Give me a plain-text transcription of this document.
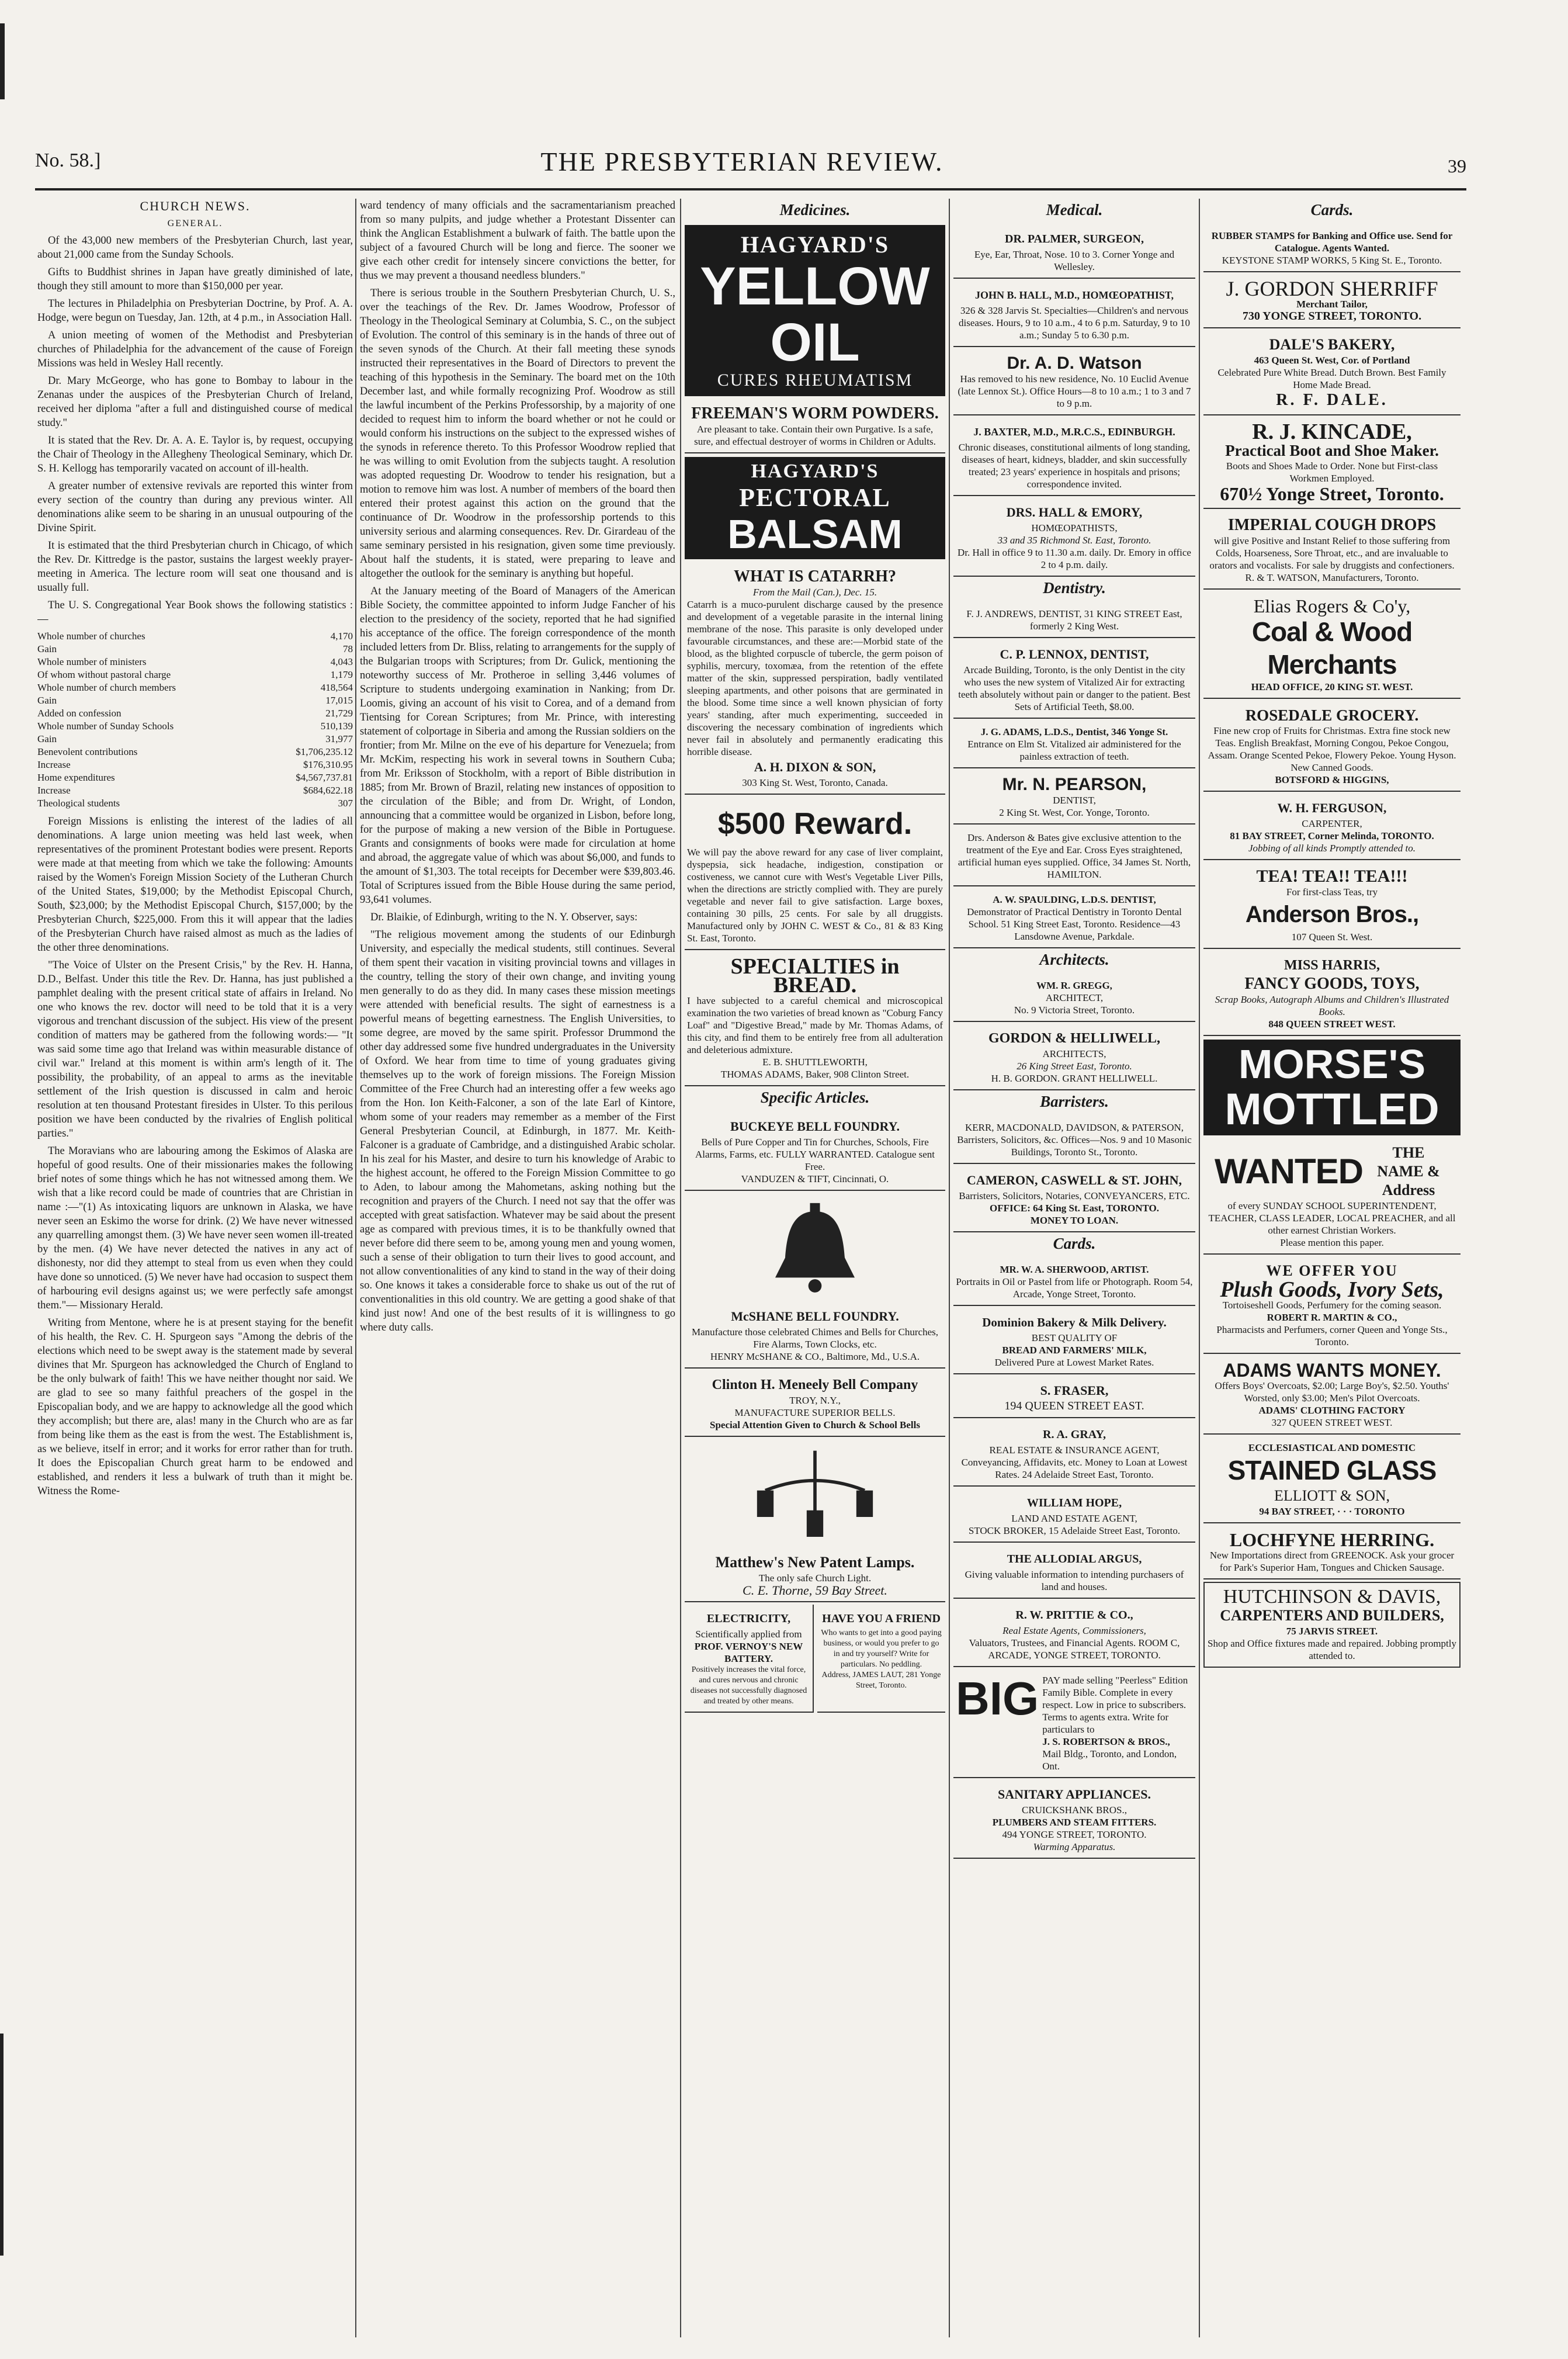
No. 58.]	THE PRESBYTERIAN REVIEW.	39
CHURCH NEWS.
GENERAL.

Of the 43,000 new members of the Presbyterian Church, last year, about 21,000 came from the Sunday Schools.

Gifts to Buddhist shrines in Japan have greatly diminished of late, though they still amount to more than $150,000 per year.

The lectures in Philadelphia on Presbyterian Doctrine, by Prof. A. A. Hodge, were begun on Tuesday, Jan. 12th, at 4 p.m., in Association Hall.

A union meeting of women of the Methodist and Presbyterian churches of Philadelphia for the advancement of the cause of Foreign Missions was held in Wesley Hall recently.

Dr. Mary McGeorge, who has gone to Bombay to labour in the Zenanas under the auspices of the Presbyterian Church of Ireland, received her diploma "after a full and distinguished course of medical study."

It is stated that the Rev. Dr. A. A. E. Taylor is, by request, occupying the Chair of Theology in the Allegheny Theological Seminary, which Dr. S. H. Kellogg has temporarily vacated on account of ill-health.

A greater number of extensive revivals are reported this winter from every section of the country than during any previous winter. All denominations alike seem to be sharing in an unusual outpouring of the Divine Spirit.

It is estimated that the third Presbyterian church in Chicago, of which the Rev. Dr. Kittredge is the pastor, sustains the largest weekly prayer-meeting in America. The lecture room will seat one thousand and is usually full.

The U. S. Congregational Year Book shows the following statistics :—

Whole number of churches	4,170
Gain	78
Whole number of ministers	4,043
Of whom without pastoral charge	1,179
Whole number of church members	418,564
Gain	17,015
Added on confession	21,729
Whole number of Sunday Schools	510,139
Gain	31,977
Benevolent contributions	$1,706,235.12
Increase	$176,310.95
Home expenditures	$4,567,737.81
Increase	$684,622.18
Theological students	307

Foreign Missions is enlisting the interest of the ladies of all denominations. A large union meeting was held last week, when representatives of the prominent Protestant bodies were present. Reports were made at that meeting from which we take the following: Amounts raised by the Women's Foreign Mission Society of the Lutheran Church of the United States, $19,000; by the Methodist Episcopal Church, South, $23,000; by the Methodist Episcopal Church, $157,000; by the Presbyterian Church, $225,000. From this it will appear that the ladies of the Presbyterian Church have raised almost as much as the ladies of the other three denominations.

"The Voice of Ulster on the Present Crisis," by the Rev. H. Hanna, D.D., Belfast. Under this title the Rev. Dr. Hanna, has just published a pamphlet dealing with the present critical state of affairs in Ireland. No one who knows the rev. doctor will need to be told that it is a very vigorous and trenchant discussion of the subject. His view of the present condition of matters may be gathered from the following words:— "It was said some time ago that Ireland was within measurable distance of civil war." Ireland at this moment is within arm's length of it. The possibility, the probability, of an appeal to arms as the inevitable settlement of the Irish question is discussed in calm and heroic resolution at ten thousand Protestant firesides in Ulster. To this perilous position we have been conducted by the rivalries of English political parties."

The Moravians who are labouring among the Eskimos of Alaska are hopeful of good results. One of their missionaries makes the following brief notes of some things which he has not witnessed among them. We wish that a like record could be made of countries that are Christian in name :—"(1) As intoxicating liquors are unknown in Alaska, we have never seen an Eskimo the worse for drink. (2) We have never witnessed any quarrelling amongst them. (3) We have never seen women ill-treated by the men. (4) We have never detected the natives in any act of dishonesty, nor did they attempt to steal from us even when they could have done so unnoticed. (5) We never have had occasion to suspect them of harbouring evil designs against us; we were perfectly safe amongst them."— Missionary Herald.

Writing from Mentone, where he is at present staying for the benefit of his health, the Rev. C. H. Spurgeon says "Among the debris of the elections which need to be swept away is the statement made by several divines that Mr. Spurgeon has acknowledged the Church of England to be the only bulwark of faith! This we have neither thought nor said. We are glad to see so many faithful preachers of the gospel in the Episcopalian body, and we are happy to acknowledge all the good which they accomplish; but there are, alas! many in the Church who are as far from being like them as the east is from the west. The Establishment is, as we believe, itself in error; and it works for error rather than for truth. It does the Episcopalian Church great harm to be endowed and established, and renders it less a bulwark of truth than it might be. Witness the Rome-

ward tendency of many officials and the sacramentarianism preached from so many pulpits, and judge whether a Protestant Dissenter can think the Anglican Establishment a bulwark of faith. The battle upon the subject of a favoured Church will be long and fierce. The sooner we give each other credit for intensely sincere convictions the better, for thus we may prevent a thousand needless blunders."

There is serious trouble in the Southern Presbyterian Church, U. S., over the teachings of the Rev. Dr. James Woodrow, Professor of Theology in the Theological Seminary at Columbia, S. C., on the subject of Evolution. The control of this seminary is in the hands of three out of the seven synods of the Church. At their fall meeting these synods instructed their representatives in the Board of Directors to prevent the teaching of this hypothesis in the Seminary. The board met on the 10th December last, and while formally recognizing Prof. Woodrow as still the lawful incumbent of the Perkins Professorship, by a majority of one decided to request him to inform the board whether or not he could or would conform his instructions on the subject to the expressed wishes of the synods in reference thereto. To this Professor Woodrow replied that he was willing to omit Evolution from the subjects taught. A resolution was adopted requesting Dr. Woodrow to tender his resignation, but a motion to remove him was lost. A number of members of the board then entered their protest against this action on the ground that the continuance of Dr. Woodrow in the professorship portends to this university serious and alarming consequences. Rev. Dr. Girardeau of the same seminary persisted in his resignation, given some time previously. About half the students, it is stated, were preparing to leave and altogether the outlook for the seminary is anything but hopeful.

At the January meeting of the Board of Managers of the American Bible Society, the committee appointed to inform Judge Fancher of his election to the presidency of the society, reported that he had signified his acceptance of the office. The foreign correspondence of the month included letters from Dr. Bliss, relating to arrangements for the supply of the Bulgarian troops with Scriptures; from Dr. Gulick, mentioning the noteworthy success of Mr. Protheroe in selling 3,446 volumes of Scripture to students undergoing examination in Nanking; from Dr. Loomis, giving an account of his visit to Corea, and of a demand from Tientsing for Corean Scriptures; from Mr. Prince, with interesting statement of colportage in Siberia and among the Russian soldiers on the frontier; from Mr. Milne on the eve of his departure for Venezuela; from Mr. McKim, respecting his work in several towns in Southern Cuba; from Mr. Eriksson of Stockholm, with a report of Bible distribution in 1885; from Mr. Brown of Brazil, relating new instances of opposition to the circulation of the Bible; and from Dr. Wright, of London, announcing that a committee would be organized in Lisbon, before long, for the purpose of making a new version of the Bible in Portuguese. Grants and consignments of books were made for circulation at home and abroad, the aggregate value of which was about $6,000, and funds to the amount of $1,303. The total receipts for December were $39,803.46. Total of Scriptures issued from the Bible House during the same period, 93,641 volumes.

Dr. Blaikie, of Edinburgh, writing to the N. Y. Observer, says:

"The religious movement among the students of our Edinburgh University, and especially the medical students, still continues. Several of them spent their vacation in visiting provincial towns and villages in the country, telling the story of their own change, and inviting young men generally to do as they did. In many cases these mission meetings were attended with beneficial results. The sight of earnestness is a powerful means of begetting earnestness. The English Universities, to some degree, are moved by the same spirit. Professor Drummond the other day addressed some five hundred undergraduates in the University of Oxford. We hear from time to time of young graduates giving themselves up to the work of foreign missions. The Foreign Mission Committee of the Free Church had an interesting offer a few weeks ago from the Hon. Ion Keith-Falconer, a son of the late Earl of Kintore, whom some of your readers may remember as a member of the First General Presbyterian Council, at Edinburgh, in 1877. Mr. Keith-Falconer is a graduate of Cambridge, and a distinguished Arabic scholar. In his zeal for his Master, and desire to turn his knowledge of Arabic to the highest account, he offered to the Foreign Mission Committee to go to Aden, to labour among the Mahometans, asking nothing but the recognition and prayers of the Church. I need not say that the offer was accepted with great satisfaction. Whatever may be said about the present age as compared with previous times, it is to be thankfully owned that never before did there seem to be, among young men and young women, such a sense of their obligation to turn their lives to good account, and not allow conventionalities of any kind to stand in the way of their doing so. One knows it takes a considerable force to shake us out of the rut of conventionalities in this old country. We are getting a good shake of that kind just now! And one of the best results of it is willingness to go where duty calls.

Medicines.
HAGYARD'S
YELLOW OIL
CURES RHEUMATISM
FREEMAN'S WORM POWDERS.
Are pleasant to take. Contain their own Purgative. Is a safe, sure, and effectual destroyer of worms in Children or Adults.
HAGYARD'S
PECTORAL
BALSAM
WHAT IS CATARRH?
From the Mail (Can.), Dec. 15.
Catarrh is a muco-purulent discharge caused by the presence and development of a vegetable parasite in the internal lining membrane of the nose. This parasite is only developed under favourable circumstances, and these are:—Morbid state of the blood, as the blighted corpuscle of tubercle, the germ poison of syphilis, mercury, toxomæa, from the retention of the effete matter of the skin, suppressed perspiration, badly ventilated sleeping apartments, and other poisons that are germinated in the blood. Some time since a well known physician of forty years' standing, after much experimenting, succeeded in discovering the necessary combination of ingredients which never fail in absolutely and permanently eradicating this horrible disease.
A. H. DIXON & SON,
303 King St. West, Toronto, Canada.
$500 Reward.
We will pay the above reward for any case of liver complaint, dyspepsia, sick headache, indigestion, constipation or costiveness, we cannot cure with West's Vegetable Liver Pills, when the directions are strictly complied with. They are purely vegetable and never fail to give satisfaction. Large boxes, containing 30 pills, 25 cents. For sale by all druggists. Manufactured only by JOHN C. WEST & Co., 81 & 83 King St. East, Toronto.
SPECIALTIES in BREAD.
I have subjected to a careful chemical and microscopical examination the two varieties of bread known as "Coburg Fancy Loaf" and "Digestive Bread," made by Mr. Thomas Adams, of this city, and find them to be entirely free from all adulteration and deleterious admixture.
E. B. SHUTTLEWORTH,
THOMAS ADAMS, Baker, 908 Clinton Street.
Specific Articles.
BUCKEYE BELL FOUNDRY.
Bells of Pure Copper and Tin for Churches, Schools, Fire Alarms, Farms, etc. FULLY WARRANTED. Catalogue sent Free.
VANDUZEN & TIFT, Cincinnati, O.
McSHANE BELL FOUNDRY.
Manufacture those celebrated Chimes and Bells for Churches, Fire Alarms, Town Clocks, etc.
HENRY McSHANE & CO., Baltimore, Md., U.S.A.
Clinton H. Meneely Bell Company
TROY, N.Y.,
MANUFACTURE SUPERIOR BELLS.
Special Attention Given to Church & School Bells
Matthew's New Patent Lamps.
The only safe Church Light.
C. E. Thorne, 59 Bay Street.
ELECTRICITY,
Scientifically applied from
PROF. VERNOY'S NEW BATTERY.
Positively increases the vital force, and cures nervous and chronic diseases not successfully diagnosed and treated by other means.
HAVE YOU A FRIEND
Who wants to get into a good paying business, or would you prefer to go in and try yourself? Write for particulars. No peddling.
Address, JAMES LAUT, 281 Yonge Street, Toronto.
Medical.
DR. PALMER, SURGEON,
Eye, Ear, Throat, Nose. 10 to 3. Corner Yonge and Wellesley.
JOHN B. HALL, M.D., HOMŒOPATHIST,
326 & 328 Jarvis St. Specialties—Children's and nervous diseases. Hours, 9 to 10 a.m., 4 to 6 p.m. Saturday, 9 to 10 a.m.; Sunday 5 to 6.30 p.m.
Dr. A. D. Watson
Has removed to his new residence, No. 10 Euclid Avenue (late Lennox St.). Office Hours—8 to 10 a.m.; 1 to 3 and 7 to 9 p.m.
J. BAXTER, M.D., M.R.C.S., EDINBURGH.
Chronic diseases, constitutional ailments of long standing, diseases of heart, kidneys, bladder, and skin successfully treated; 23 years' experience in hospitals and prisons; correspondence invited.
DRS. HALL & EMORY,
HOMŒOPATHISTS,
33 and 35 Richmond St. East, Toronto.
Dr. Hall in office 9 to 11.30 a.m. daily. Dr. Emory in office 2 to 4 p.m. daily.
Dentistry.
F. J. ANDREWS, DENTIST, 31 KING STREET East, formerly 2 King West.
C. P. LENNOX, DENTIST,
Arcade Building, Toronto, is the only Dentist in the city who uses the new system of Vitalized Air for extracting teeth absolutely without pain or danger to the patient. Best Sets of Artificial Teeth, $8.00.
J. G. ADAMS, L.D.S., Dentist, 346 Yonge St.
Entrance on Elm St. Vitalized air administered for the painless extraction of teeth.
Mr. N. PEARSON,
DENTIST,
2 King St. West, Cor. Yonge, Toronto.
Drs. Anderson & Bates give exclusive attention to the treatment of the Eye and Ear. Cross Eyes straightened, artificial human eyes supplied. Office, 34 James St. North, HAMILTON.
A. W. SPAULDING, L.D.S. DENTIST,
Demonstrator of Practical Dentistry in Toronto Dental School. 51 King Street East, Toronto. Residence—43 Lansdowne Avenue, Parkdale.
Architects.
WM. R. GREGG,
ARCHITECT,
No. 9 Victoria Street, Toronto.
GORDON & HELLIWELL,
ARCHITECTS,
26 King Street East, Toronto.
H. B. GORDON. GRANT HELLIWELL.
Barristers.
KERR, MACDONALD, DAVIDSON, & PATERSON, Barristers, Solicitors, &c. Offices—Nos. 9 and 10 Masonic Buildings, Toronto St., Toronto.
CAMERON, CASWELL & ST. JOHN,
Barristers, Solicitors, Notaries, CONVEYANCERS, ETC.
OFFICE: 64 King St. East, TORONTO.
MONEY TO LOAN.
Cards.
MR. W. A. SHERWOOD, ARTIST.
Portraits in Oil or Pastel from life or Photograph. Room 54, Arcade, Yonge Street, Toronto.
Dominion Bakery & Milk Delivery.
BEST QUALITY OF
BREAD AND FARMERS' MILK,
Delivered Pure at Lowest Market Rates.
S. FRASER,
194 QUEEN STREET EAST.
R. A. GRAY,
REAL ESTATE & INSURANCE AGENT,
Conveyancing, Affidavits, etc. Money to Loan at Lowest Rates. 24 Adelaide Street East, Toronto.
WILLIAM HOPE,
LAND AND ESTATE AGENT,
STOCK BROKER, 15 Adelaide Street East, Toronto.
THE ALLODIAL ARGUS,
Giving valuable information to intending purchasers of land and houses.
R. W. PRITTIE & CO.,
Real Estate Agents, Commissioners,
Valuators, Trustees, and Financial Agents. ROOM C, ARCADE, YONGE STREET, TORONTO.
BIG PAY made selling "Peerless" Edition Family Bible. Complete in every respect. Low in price to subscribers. Terms to agents extra. Write for particulars to
J. S. ROBERTSON & BROS.,
Mail Bldg., Toronto, and London, Ont.
SANITARY APPLIANCES.
CRUICKSHANK BROS.,
PLUMBERS AND STEAM FITTERS.
494 YONGE STREET, TORONTO.
Warming Apparatus.
Cards.
RUBBER STAMPS for Banking and Office use. Send for Catalogue. Agents Wanted.
KEYSTONE STAMP WORKS, 5 King St. E., Toronto.
J. GORDON SHERRIFF
Merchant Tailor,
730 YONGE STREET, TORONTO.
DALE'S BAKERY,
463 Queen St. West, Cor. of Portland
Celebrated Pure White Bread. Dutch Brown. Best Family Home Made Bread.
R. F. DALE.
R. J. KINCADE,
Practical Boot and Shoe Maker.
Boots and Shoes Made to Order. None but First-class Workmen Employed.
670½ Yonge Street, Toronto.
IMPERIAL COUGH DROPS
will give Positive and Instant Relief to those suffering from Colds, Hoarseness, Sore Throat, etc., and are invaluable to orators and vocalists. For sale by druggists and confectioners.
R. & T. WATSON, Manufacturers, Toronto.
Elias Rogers & Co'y,
Coal & Wood Merchants
HEAD OFFICE, 20 KING ST. WEST.
ROSEDALE GROCERY.
Fine new crop of Fruits for Christmas. Extra fine stock new Teas. English Breakfast, Morning Congou, Pekoe Congou, Assam. Orange Scented Pekoe, Flowery Pekoe. Young Hyson. New Canned Goods.
BOTSFORD & HIGGINS,
W. H. FERGUSON,
CARPENTER,
81 BAY STREET, Corner Melinda, TORONTO.
Jobbing of all kinds Promptly attended to.
TEA! TEA!! TEA!!!
For first-class Teas, try
Anderson Bros.,
107 Queen St. West.
MISS HARRIS,
FANCY GOODS, TOYS,
Scrap Books, Autograph Albums and Children's Illustrated Books.
848 QUEEN STREET WEST.
MORSE'S
MOTTLED
WANTED	THE NAME & Address
of every SUNDAY SCHOOL SUPERINTENDENT, TEACHER, CLASS LEADER, LOCAL PREACHER, and all other earnest Christian Workers.
Please mention this paper.
WE OFFER YOU
Plush Goods, Ivory Sets,
Tortoiseshell Goods, Perfumery for the coming season.
ROBERT R. MARTIN & CO.,
Pharmacists and Perfumers, corner Queen and Yonge Sts., Toronto.
ADAMS WANTS MONEY.
Offers Boys' Overcoats, $2.00; Large Boy's, $2.50. Youths' Worsted, only $3.00; Men's Pilot Overcoats.
ADAMS' CLOTHING FACTORY
327 QUEEN STREET WEST.
ECCLESIASTICAL AND DOMESTIC
STAINED GLASS
ELLIOTT & SON,
94 BAY STREET, · · · TORONTO
LOCHFYNE HERRING.
New Importations direct from GREENOCK. Ask your grocer for Park's Superior Ham, Tongues and Chicken Sausage.
HUTCHINSON & DAVIS,
CARPENTERS AND BUILDERS,
75 JARVIS STREET.
Shop and Office fixtures made and repaired. Jobbing promptly attended to.
